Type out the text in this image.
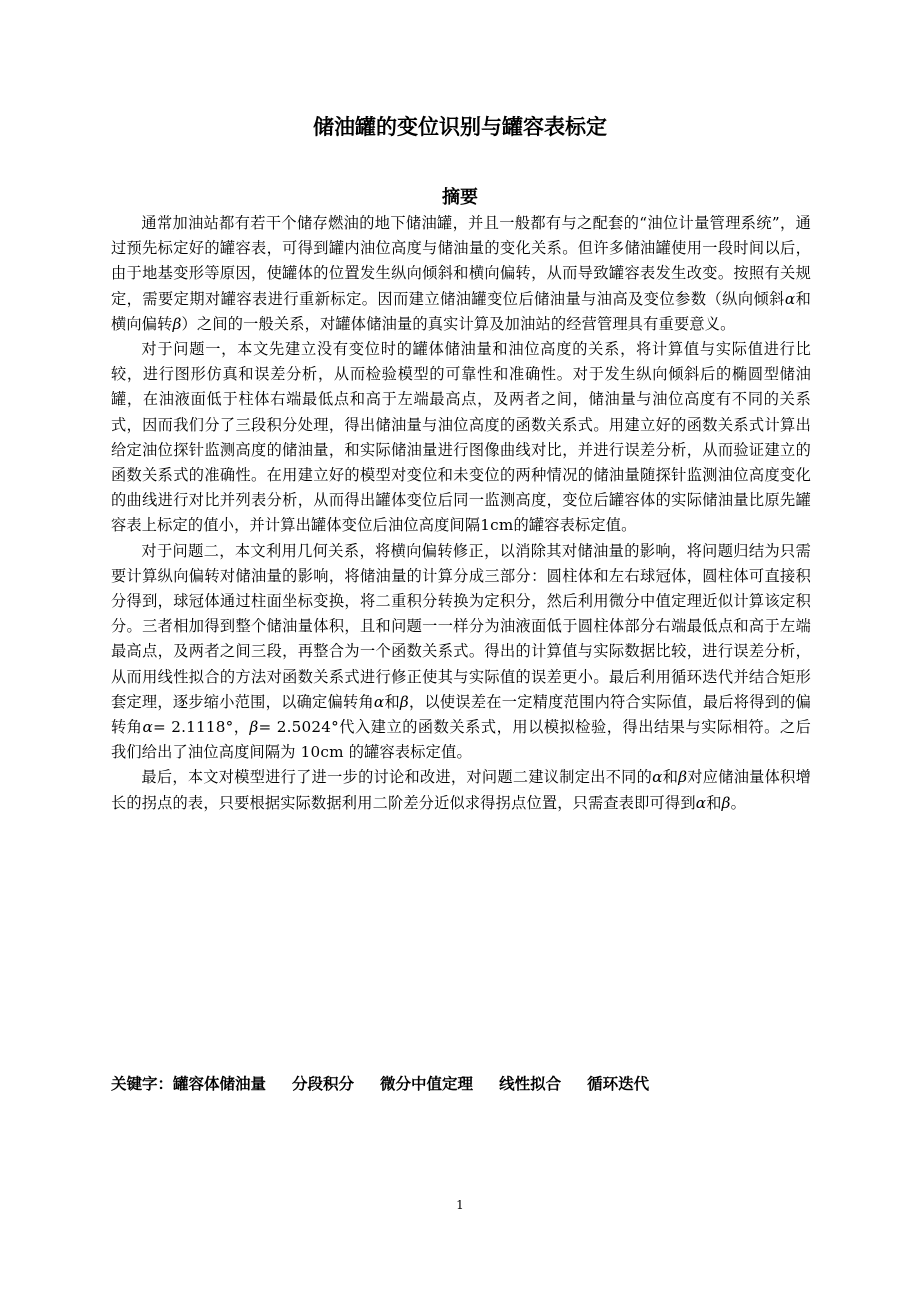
储油罐的变位识别与罐容表标定
摘要

通常加油站都有若干个储存燃油的地下储油罐，并且一般都有与之配套的“油位计量管理系统”，通过预先标定好的罐容表，可得到罐内油位高度与储油量的变化关系。但许多储油罐使用一段时间以后，由于地基变形等原因，使罐体的位置发生纵向倾斜和横向偏转，从而导致罐容表发生改变。按照有关规定，需要定期对罐容表进行重新标定。因而建立储油罐变位后储油量与油高及变位参数（纵向倾斜α和横向偏转β）之间的一般关系，对罐体储油量的真实计算及加油站的经营管理具有重要意义。

对于问题一，本文先建立没有变位时的罐体储油量和油位高度的关系，将计算值与实际值进行比较，进行图形仿真和误差分析，从而检验模型的可靠性和准确性。对于发生纵向倾斜后的椭圆型储油罐，在油液面低于柱体右端最低点和高于左端最高点，及两者之间，储油量与油位高度有不同的关系式，因而我们分了三段积分处理，得出储油量与油位高度的函数关系式。用建立好的函数关系式计算出给定油位探针监测高度的储油量，和实际储油量进行图像曲线对比，并进行误差分析，从而验证建立的函数关系式的准确性。在用建立好的模型对变位和未变位的两种情况的储油量随探针监测油位高度变化的曲线进行对比并列表分析，从而得出罐体变位后同一监测高度，变位后罐容体的实际储油量比原先罐容表上标定的值小，并计算出罐体变位后油位高度间隔1cm的罐容表标定值。

对于问题二，本文利用几何关系，将横向偏转修正，以消除其对储油量的影响，将问题归结为只需要计算纵向偏转对储油量的影响，将储油量的计算分成三部分：圆柱体和左右球冠体，圆柱体可直接积分得到，球冠体通过柱面坐标变换，将二重积分转换为定积分，然后利用微分中值定理近似计算该定积分。三者相加得到整个储油量体积，且和问题一一样分为油液面低于圆柱体部分右端最低点和高于左端最高点，及两者之间三段，再整合为一个函数关系式。得出的计算值与实际数据比较，进行误差分析，从而用线性拟合的方法对函数关系式进行修正使其与实际值的误差更小。最后利用循环迭代并结合矩形套定理，逐步缩小范围，以确定偏转角α和β，以使误差在一定精度范围内符合实际值，最后将得到的偏转角α= 2.1118°，β= 2.5024°代入建立的函数关系式，用以模拟检验，得出结果与实际相符。之后我们给出了油位高度间隔为 10cm 的罐容表标定值。

最后，本文对模型进行了进一步的讨论和改进，对问题二建议制定出不同的α和β对应储油量体积增长的拐点的表，只要根据实际数据利用二阶差分近似求得拐点位置，只需查表即可得到α和β。

关键字：罐容体储油量 分段积分 微分中值定理 线性拟合 循环迭代
1
